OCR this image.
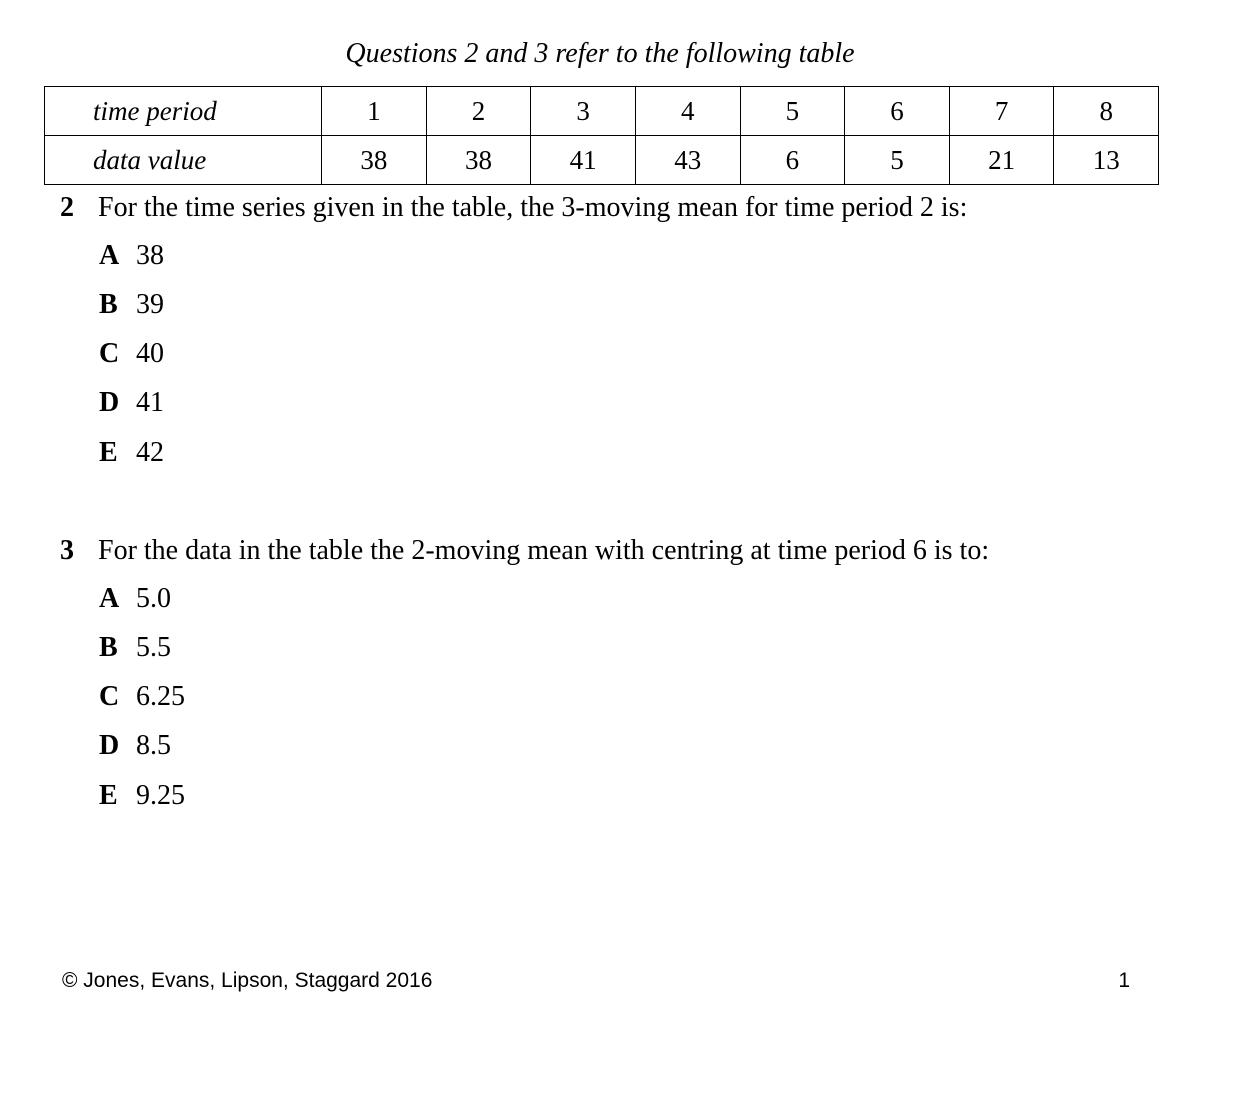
Questions 2 and 3 refer to the following table
time period	1	2	3	4	5	6	7	8
data value	38	38	41	43	6	5	21	13
2 For the time series given in the table, the 3-moving mean for time period 2 is:
A 38
B 39
C 40
D 41
E 42
3 For the data in the table the 2-moving mean with centring at time period 6 is to:
A 5.0
B 5.5
C 6.25
D 8.5
E 9.25
© Jones, Evans, Lipson, Staggard 2016	1
